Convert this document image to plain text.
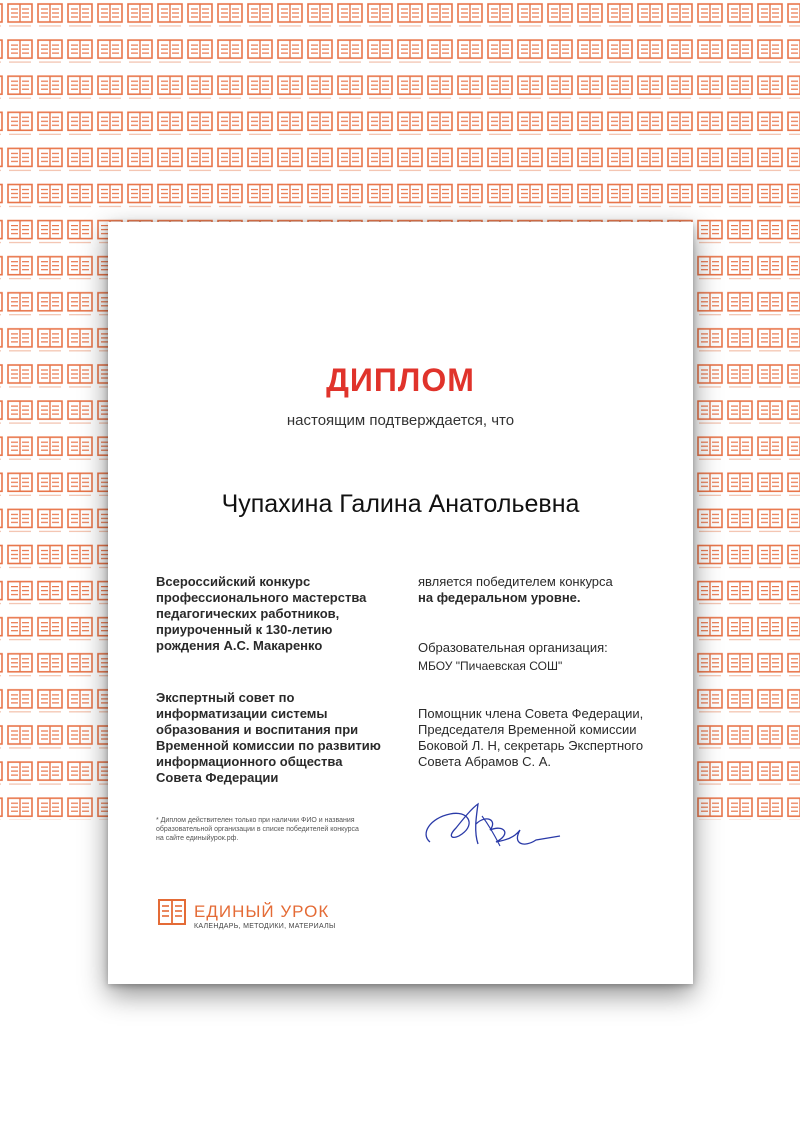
ДИПЛОМ
настоящим подтверждается, что
Чупахина Галина Анатольевна
Всероссийский конкурс
профессионального мастерства
педагогических работников,
приуроченный к 130-летию
рождения А.С. Макаренко
Экспертный совет по
информатизации системы
образования и воспитания при
Временной комиссии по развитию
информационного общества
Совета Федерации
является победителем конкурса
на федеральном уровне.
Образовательная организация:
МБОУ "Пичаевская СОШ"
Помощник члена Совета Федерации,
Председателя Временной комиссии
Боковой Л. Н, секретарь Экспертного
Совета Абрамов С. А.
* Диплом действителен только при наличии ФИО и названия
образовательной организации в списке победителей конкурса
на сайте единыйурок.рф.
ЕДИНЫЙ УРОК
КАЛЕНДАРЬ, МЕТОДИКИ, МАТЕРИАЛЫ
